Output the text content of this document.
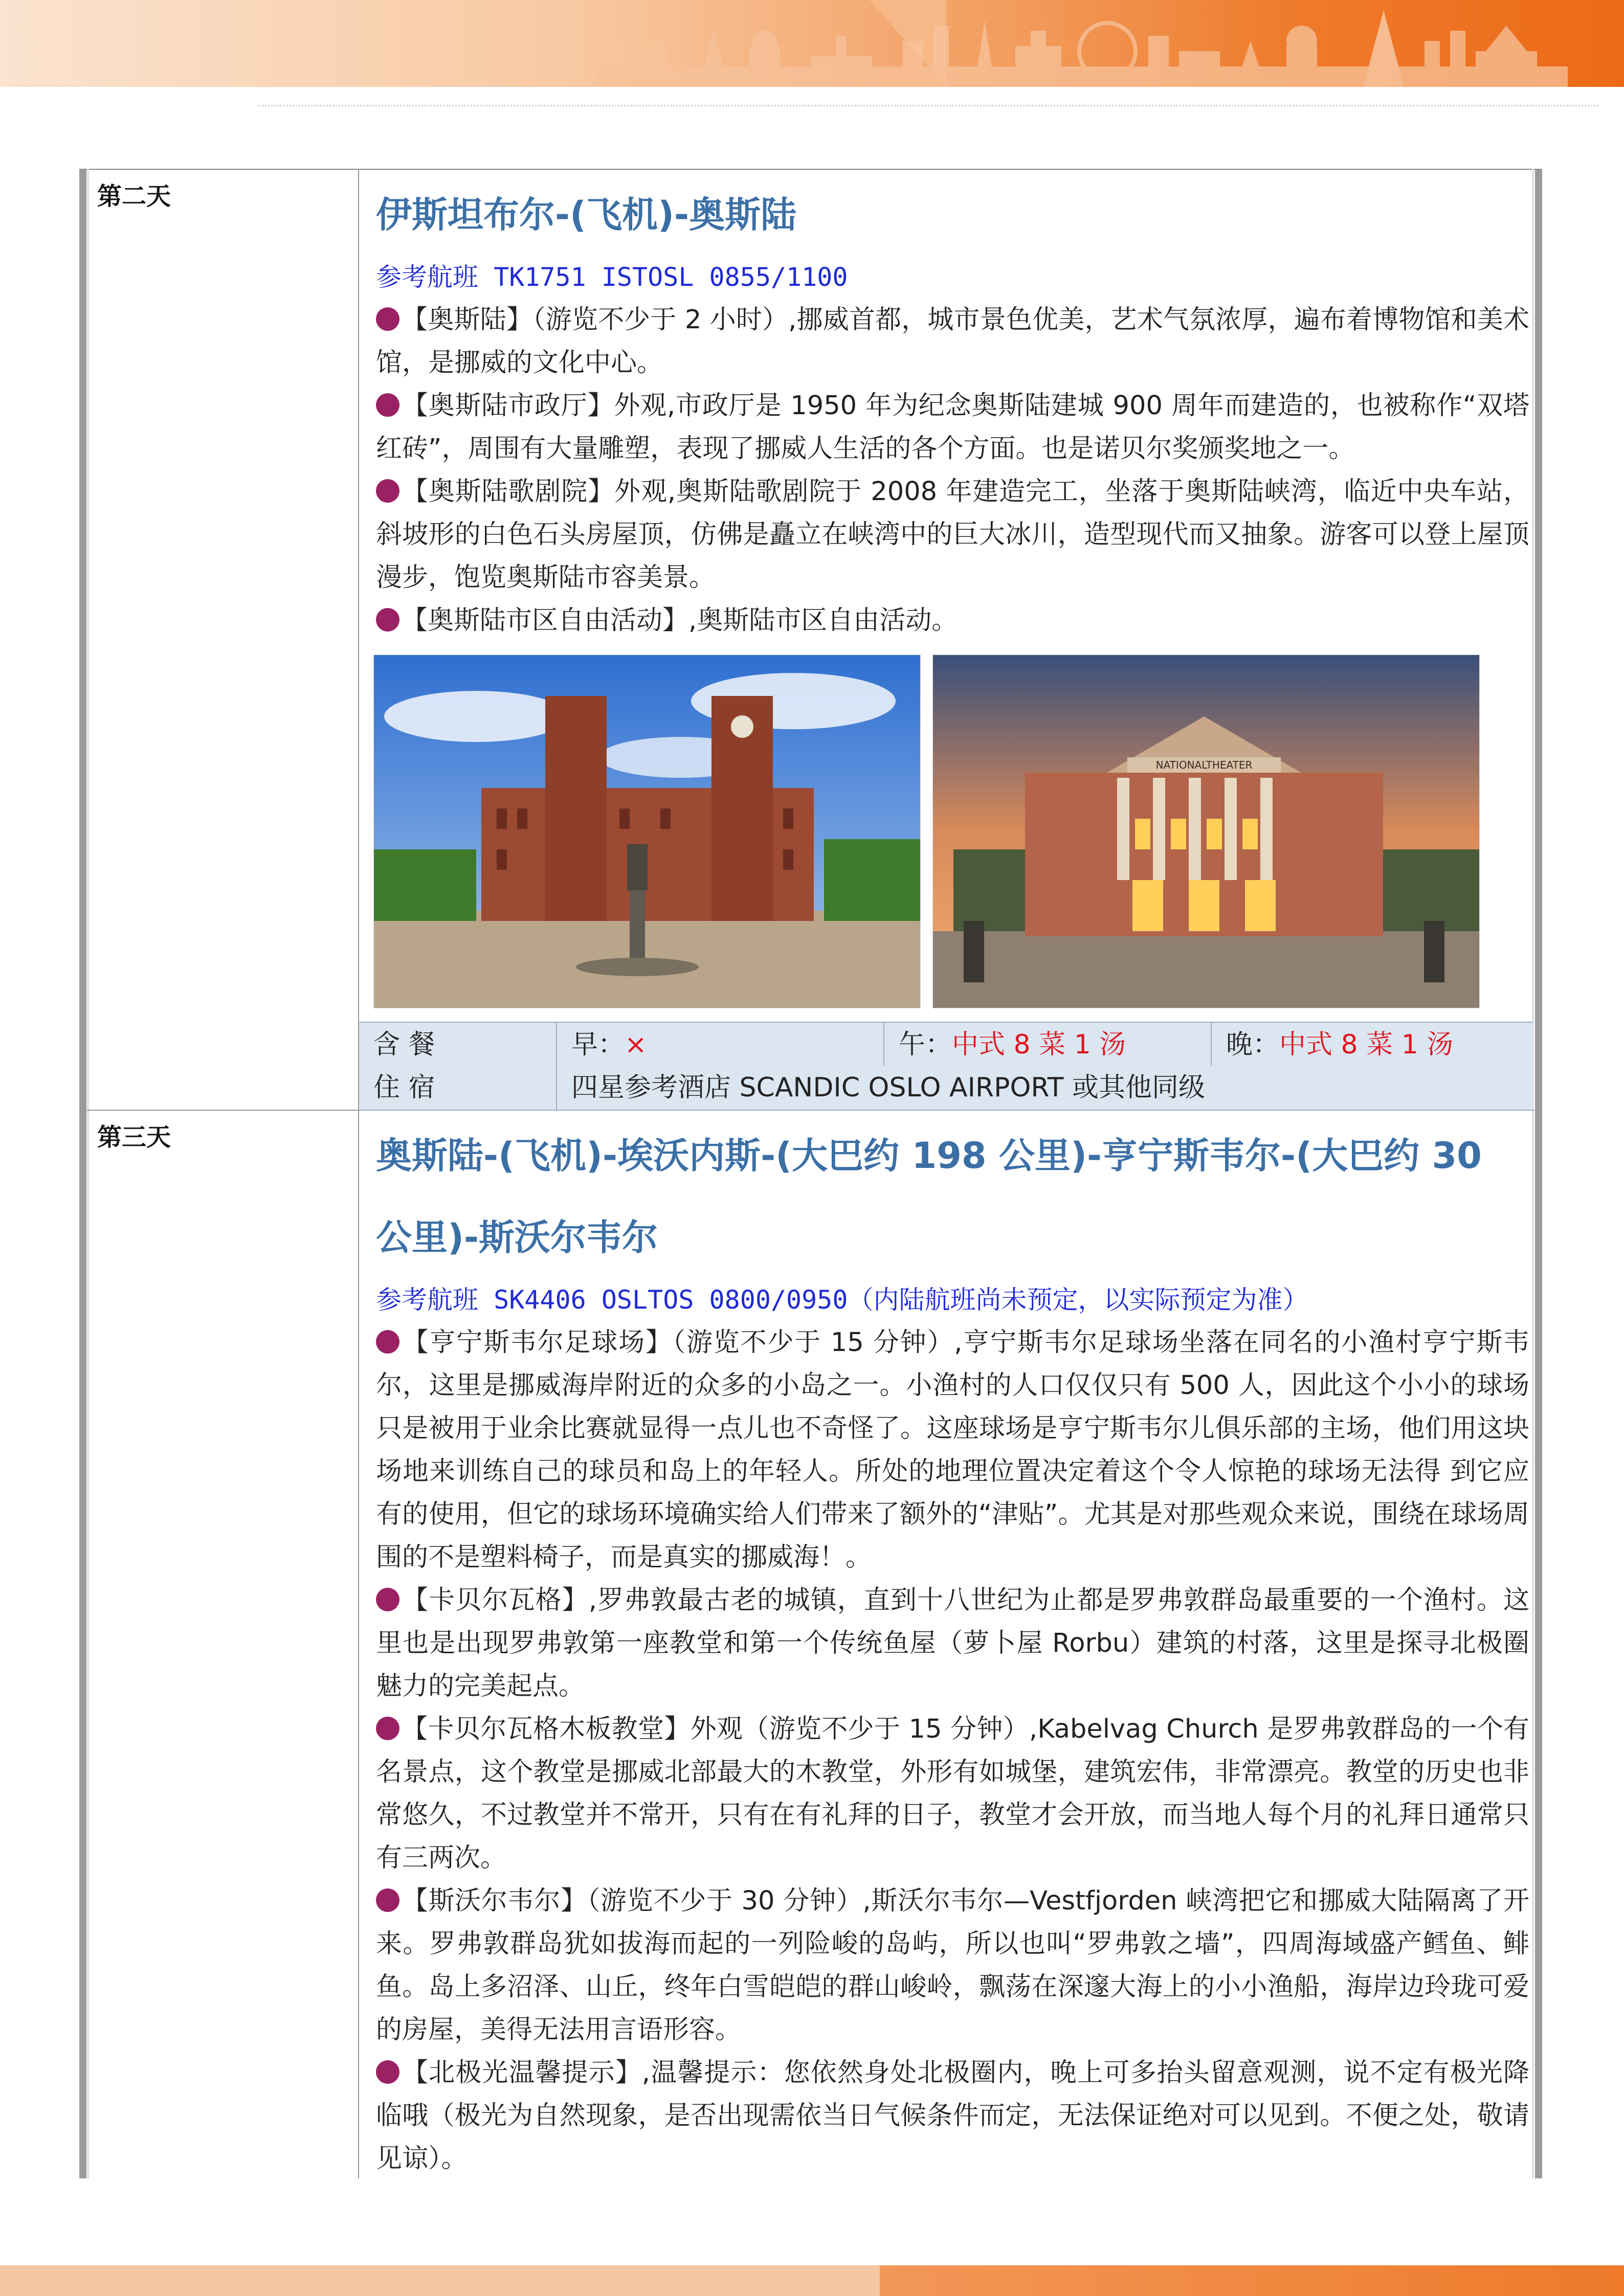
第二天	伊斯坦布尔-(飞机)-奥斯陆

参考航班 TK1751 ISTOSL 0855/1100

【奥斯陆】（游览不少于 2 小时）,挪威首都，城市景色优美，艺术气氛浓厚，遍布着博物馆和美术馆，是挪威的文化中心。

【奥斯陆市政厅】外观,市政厅是 1950 年为纪念奥斯陆建城 900 周年而建造的，也被称作“双塔红砖”，周围有大量雕塑，表现了挪威人生活的各个方面。也是诺贝尔奖颁奖地之一。

【奥斯陆歌剧院】外观,奥斯陆歌剧院于 2008 年建造完工，坐落于奥斯陆峡湾，临近中央车站，斜坡形的白色石头房屋顶，仿佛是矗立在峡湾中的巨大冰川，造型现代而又抽象。游客可以登上屋顶漫步，饱览奥斯陆市容美景。

【奥斯陆市区自由活动】,奥斯陆市区自由活动。

NATIONALTHEATER
含 餐	早：×	午：中式 8 菜 1 汤	晚：中式 8 菜 1 汤
住 宿	四星参考酒店 SCANDIC OSLO AIRPORT 或其他同级
第三天	奥斯陆-(飞机)-埃沃内斯-(大巴约 198 公里)-亨宁斯韦尔-(大巴约 30 公里)-斯沃尔韦尔

参考航班 SK4406 OSLTOS 0800/0950（内陆航班尚未预定，以实际预定为准）

【亨宁斯韦尔足球场】（游览不少于 15 分钟）,亨宁斯韦尔足球场坐落在同名的小渔村亨宁斯韦尔，这里是挪威海岸附近的众多的小岛之一。小渔村的人口仅仅只有 500 人，因此这个小小的球场只是被用于业余比赛就显得一点儿也不奇怪了。这座球场是亨宁斯韦尔儿俱乐部的主场，他们用这块场地来训练自己的球员和岛上的年轻人。所处的地理位置决定着这个令人惊艳的球场无法得 到它应有的使用，但它的球场环境确实给人们带来了额外的“津贴”。尤其是对那些观众来说，围绕在球场周围的不是塑料椅子，而是真实的挪威海！。

【卡贝尔瓦格】,罗弗敦最古老的城镇，直到十八世纪为止都是罗弗敦群岛最重要的一个渔村。这里也是出现罗弗敦第一座教堂和第一个传统鱼屋（萝卜屋 Rorbu）建筑的村落，这里是探寻北极圈魅力的完美起点。

【卡贝尔瓦格木板教堂】外观（游览不少于 15 分钟）,Kabelvag Church 是罗弗敦群岛的一个有名景点，这个教堂是挪威北部最大的木教堂，外形有如城堡，建筑宏伟，非常漂亮。教堂的历史也非常悠久，不过教堂并不常开，只有在有礼拜的日子，教堂才会开放，而当地人每个月的礼拜日通常只有三两次。

【斯沃尔韦尔】（游览不少于 30 分钟）,斯沃尔韦尔—Vestfjorden 峡湾把它和挪威大陆隔离了开来。罗弗敦群岛犹如拔海而起的一列险峻的岛屿，所以也叫“罗弗敦之墙”，四周海域盛产鳕鱼、鲱鱼。岛上多沼泽、山丘，终年白雪皑皑的群山峻岭，飘荡在深邃大海上的小小渔船，海岸边玲珑可爱的房屋，美得无法用言语形容。

【北极光温馨提示】,温馨提示：您依然身处北极圈内，晚上可多抬头留意观测，说不定有极光降临哦（极光为自然现象，是否出现需依当日气候条件而定，无法保证绝对可以见到。不便之处，敬请见谅）。
